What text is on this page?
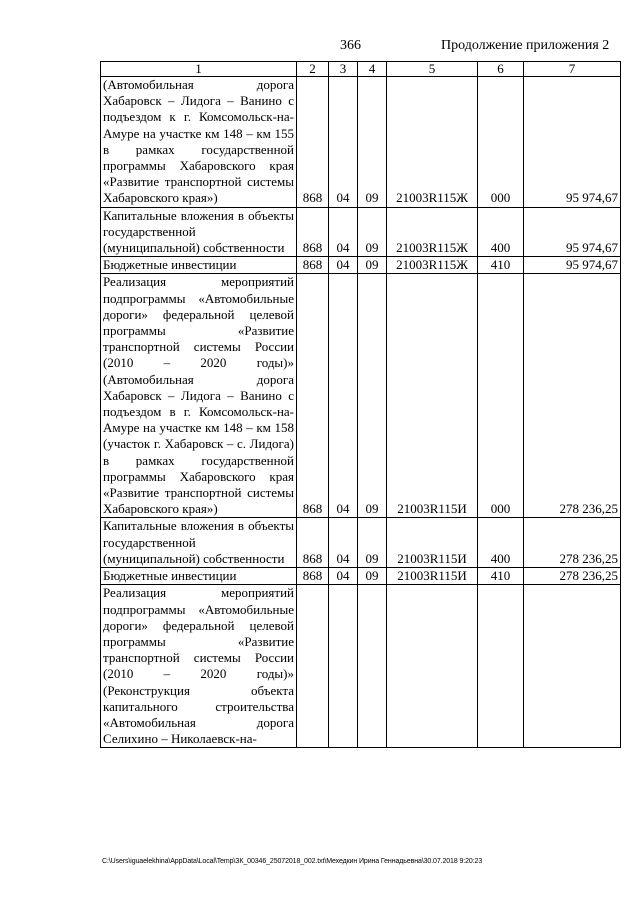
366	Продолжение приложения 2
1	2	3	4	5	6	7
(Автомобильная дорога Хабаровск – Лидога – Ванино с подъездом к г. Комсомольск-на-Амуре на участке км 148 – км 155 в рамках государственной программы Хабаровского края «Развитие транспортной системы Хабаровского края»)	868	04	09	21003R115Ж	000	95 974,67
Капитальные вложения в объекты государственной (муниципальной) собственности	868	04	09	21003R115Ж	400	95 974,67
Бюджетные инвестиции	868	04	09	21003R115Ж	410	95 974,67
Реализация мероприятий подпрограммы «Автомобильные дороги» федеральной целевой программы «Развитие транспортной системы России (2010 – 2020 годы)» (Автомобильная дорога Хабаровск – Лидога – Ванино с подъездом в г. Комсомольск-на-Амуре на участке км 148 – км 158 (участок г. Хабаровск – с. Лидога) в рамках государственной программы Хабаровского края «Развитие транспортной системы Хабаровского края»)	868	04	09	21003R115И	000	278 236,25
Капитальные вложения в объекты государственной (муниципальной) собственности	868	04	09	21003R115И	400	278 236,25
Бюджетные инвестиции	868	04	09	21003R115И	410	278 236,25
Реализация мероприятий подпрограммы «Автомобильные дороги» федеральной целевой программы «Развитие транспортной системы России (2010 – 2020 годы)» (Реконструкция объекта капитального строительства «Автомобильная дорога Селихино – Николаевск-на-						
C:\Users\iguaelekhina\AppData\Local\Temp\ЗК_00346_25072018_002.txt\Мехедкин Ирина Геннадьевна\30.07.2018 9:20:23
